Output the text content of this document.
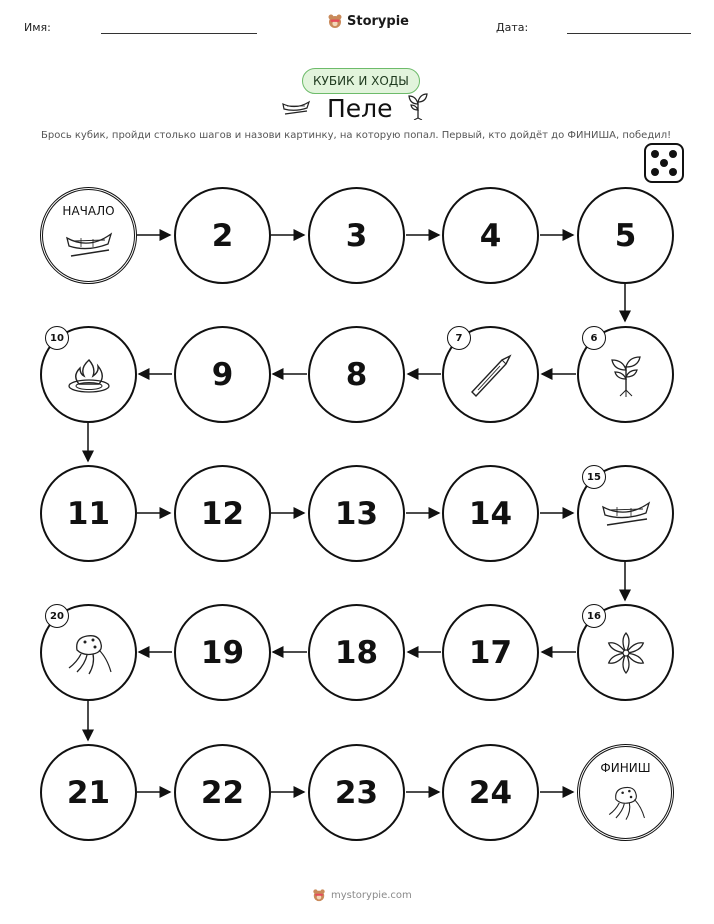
Имя:	Storypie	Дата:
КУБИК И ХОДЫ
Пеле
Брось кубик, пройди столько шагов и назови картинку, на которую попал. Первый, кто дойдёт до ФИНИША, победил!
НАЧАЛО
2	3	4	5
10
9	8
7	6
11	12	13	14
15
20
19	18	17
16
21	22	23	24
ФИНИШ
mystorypie.com
